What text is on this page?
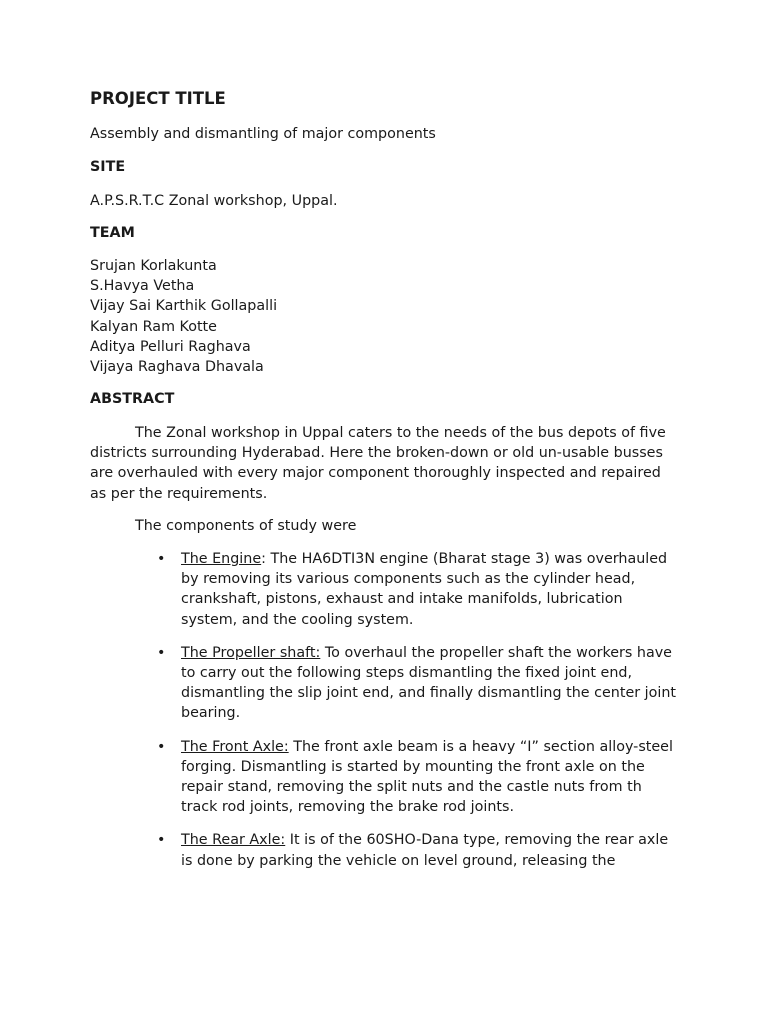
PROJECT TITLE
Assembly and dismantling of major components
SITE
A.P.S.R.T.C Zonal workshop, Uppal.
TEAM
Srujan Korlakunta
S.Havya Vetha
Vijay Sai Karthik Gollapalli
Kalyan Ram Kotte
Aditya Pelluri Raghava
Vijaya Raghava Dhavala
ABSTRACT
The Zonal workshop in Uppal caters to the needs of the bus depots of five districts surrounding Hyderabad. Here the broken-down or old un-usable busses are overhauled with every major component thoroughly inspected and repaired as per the requirements.
The components of study were
• The Engine: The HA6DTI3N engine (Bharat stage 3) was overhauled by removing its various components such as the cylinder head, crankshaft, pistons, exhaust and intake manifolds, lubrication system, and the cooling system.
• The Propeller shaft: To overhaul the propeller shaft the workers have to carry out the following steps dismantling the fixed joint end, dismantling the slip joint end, and finally dismantling the center joint bearing.
• The Front Axle: The front axle beam is a heavy “I” section alloy-steel forging. Dismantling is started by mounting the front axle on the repair stand, removing the split nuts and the castle nuts from th track rod joints, removing the brake rod joints.
• The Rear Axle: It is of the 60SHO-Dana type, removing the rear axle is done by parking the vehicle on level ground, releasing the
